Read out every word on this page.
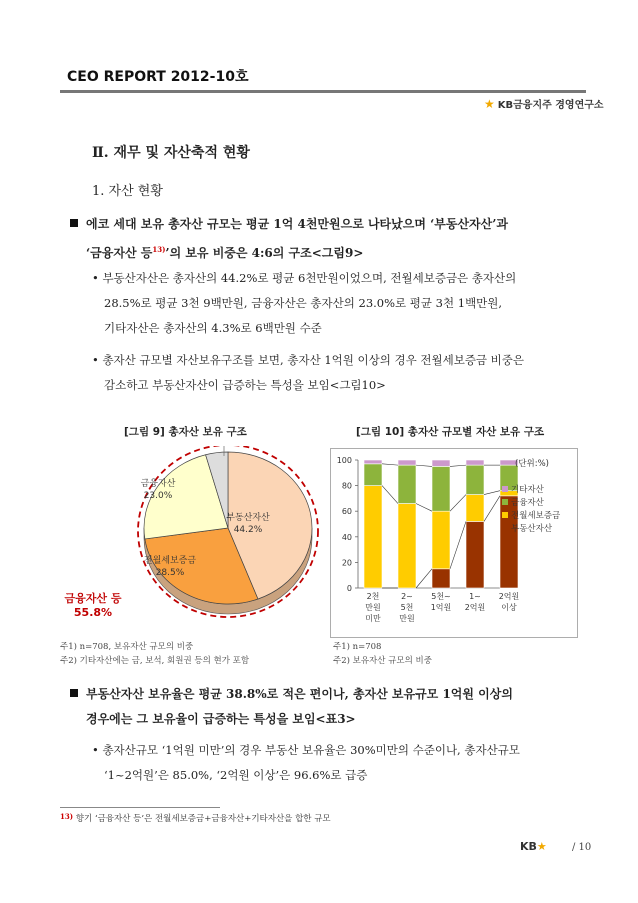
CEO REPORT 2012-10호
★ KB금융지주 경영연구소
Ⅱ. 재무 및 자산축적 현황
1. 자산 현황
에코 세대 보유 총자산 규모는 평균 1억 4천만원으로 나타났으며 ‘부동산자산’과
‘금융자산 등$^{13)}$’의 보유 비중은 4:6의 구조<그림9>
• 부동산자산은 총자산의 44.2%로 평균 6천만원이었으며, 전월세보증금은 총자산의
28.5%로 평균 3천 9백만원, 금융자산은 총자산의 23.0%로 평균 3천 1백만원,
기타자산은 총자산의 4.3%로 6백만원 수준
• 총자산 규모별 자산보유구조를 보면, 총자산 1억원 이상의 경우 전월세보증금 비중은
감소하고 부동산자산이 급증하는 특성을 보임<그림10>
[그림 9] 총자산 보유 구조	[그림 10] 총자산 규모별 자산 보유 구조
부동산자산
44.2%
전월세보증금
28.5%
금융자산
23.0%
금융자산 등
55.8%
0
20
40
60
80
100
2천
만원
미만
2~
5천
만원
5천~
1억원
1~
2억원
2억원
이상
기타자산
금융자산
전월세보증금
부동산자산
(단위:%)
주1) n=708, 보유자산 규모의 비중
주2) 기타자산에는 금, 보석, 회원권 등의 현가 포함
주1) n=708
주2) 보유자산 규모의 비중
부동산자산 보유율은 평균 38.8%로 적은 편이나, 총자산 보유규모 1억원 이상의
경우에는 그 보유율이 급증하는 특성을 보임<표3>
• 총자산규모 ‘1억원 미만’의 경우 부동산 보유율은 30%미만의 수준이나, 총자산규모
‘1~2억원’은 85.0%, ‘2억원 이상’은 96.6%로 급증
$^{13)}$ 향기 ‘금융자산 등’은 전월세보증금+금융자산+기타자산을 합한 규모
KB★	/ 10
